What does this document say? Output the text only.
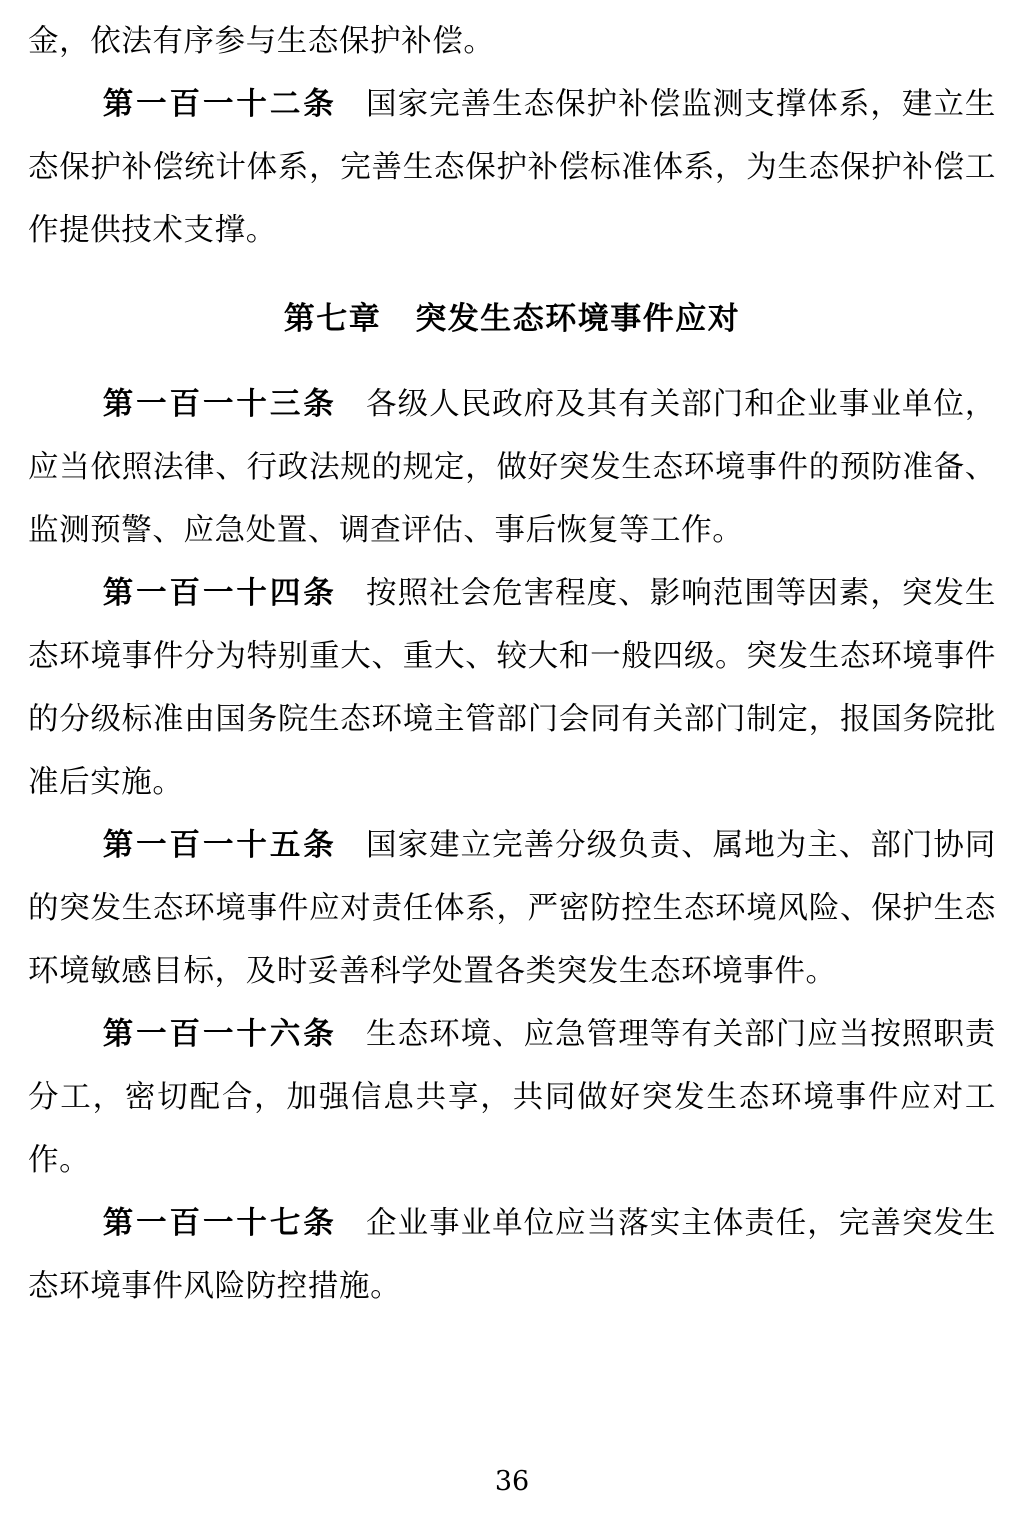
金，依法有序参与生态保护补偿。

第一百一十二条 国家完善生态保护补偿监测支撑体系，建立生态保护补偿统计体系，完善生态保护补偿标准体系，为生态保护补偿工作提供技术支撑。

第七章 突发生态环境事件应对

第一百一十三条 各级人民政府及其有关部门和企业事业单位，应当依照法律、行政法规的规定，做好突发生态环境事件的预防准备、监测预警、应急处置、调查评估、事后恢复等工作。

第一百一十四条 按照社会危害程度、影响范围等因素，突发生态环境事件分为特别重大、重大、较大和一般四级。突发生态环境事件的分级标准由国务院生态环境主管部门会同有关部门制定，报国务院批准后实施。

第一百一十五条 国家建立完善分级负责、属地为主、部门协同的突发生态环境事件应对责任体系，严密防控生态环境风险、保护生态环境敏感目标，及时妥善科学处置各类突发生态环境事件。

第一百一十六条 生态环境、应急管理等有关部门应当按照职责分工，密切配合，加强信息共享，共同做好突发生态环境事件应对工作。

第一百一十七条 企业事业单位应当落实主体责任，完善突发生态环境事件风险防控措施。

36
